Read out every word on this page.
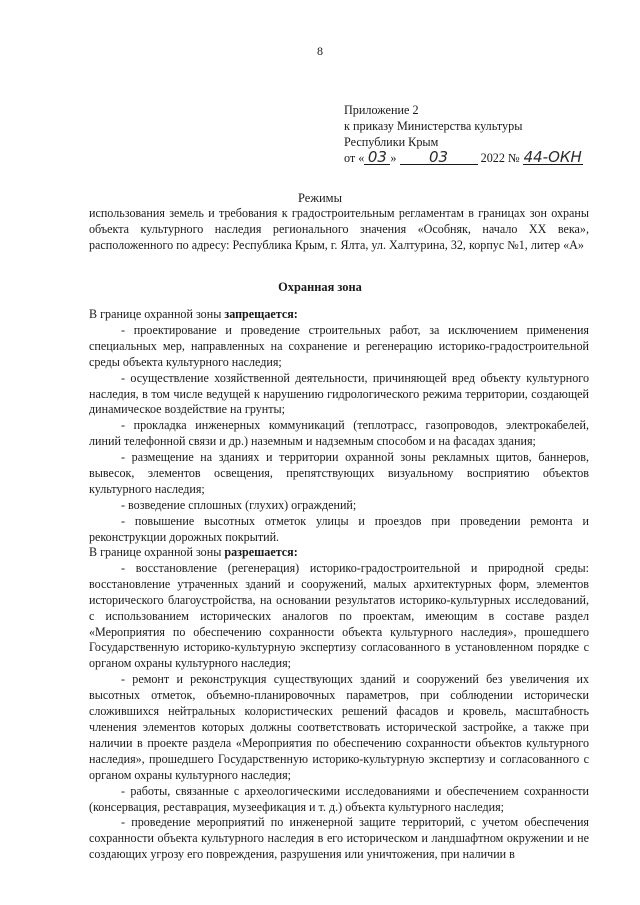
8
Приложение 2
к приказу Министерства культуры
Республики Крым
от « 03 » 03	2022 № 44-ОКН
Режимы

использования земель и требования к градостроительным регламентам в границах зон охраны объекта культурного наследия регионального значения «Особняк, начало XX века», расположенного по адресу: Республика Крым, г. Ялта, ул. Халтурина, 32, корпус №1, литер «А»

Охранная зона

В границе охранной зоны запрещается:

- проектирование и проведение строительных работ, за исключением применения специальных мер, направленных на сохранение и регенерацию историко-градостроительной среды объекта культурного наследия;

- осуществление хозяйственной деятельности, причиняющей вред объекту культурного наследия, в том числе ведущей к нарушению гидрологического режима территории, создающей динамическое воздействие на грунты;

- прокладка инженерных коммуникаций (теплотрасс, газопроводов, электрокабелей, линий телефонной связи и др.) наземным и надземным способом и на фасадах здания;

- размещение на зданиях и территории охранной зоны рекламных щитов, баннеров, вывесок, элементов освещения, препятствующих визуальному восприятию объектов культурного наследия;

- возведение сплошных (глухих) ограждений;

- повышение высотных отметок улицы и проездов при проведении ремонта и реконструкции дорожных покрытий.

В границе охранной зоны разрешается:

- восстановление (регенерация) историко-градостроительной и природной среды: восстановление утраченных зданий и сооружений, малых архитектурных форм, элементов исторического благоустройства, на основании результатов историко-культурных исследований, с использованием исторических аналогов по проектам, имеющим в составе раздел «Мероприятия по обеспечению сохранности объекта культурного наследия», прошедшего Государственную историко-культурную экспертизу согласованного в установленном порядке с органом охраны культурного наследия;

- ремонт и реконструкция существующих зданий и сооружений без увеличения их высотных отметок, объемно-планировочных параметров, при соблюдении исторически сложившихся нейтральных колористических решений фасадов и кровель, масштабность членения элементов которых должны соответствовать исторической застройке, а также при наличии в проекте раздела «Мероприятия по обеспечению сохранности объектов культурного наследия», прошедшего Государственную историко-культурную экспертизу и согласованного с органом охраны культурного наследия;

- работы, связанные с археологическими исследованиями и обеспечением сохранности (консервация, реставрация, музеефикация и т. д.) объекта культурного наследия;

- проведение мероприятий по инженерной защите территорий, с учетом обеспечения сохранности объекта культурного наследия в его историческом и ландшафтном окружении и не создающих угрозу его повреждения, разрушения или уничтожения, при наличии в
